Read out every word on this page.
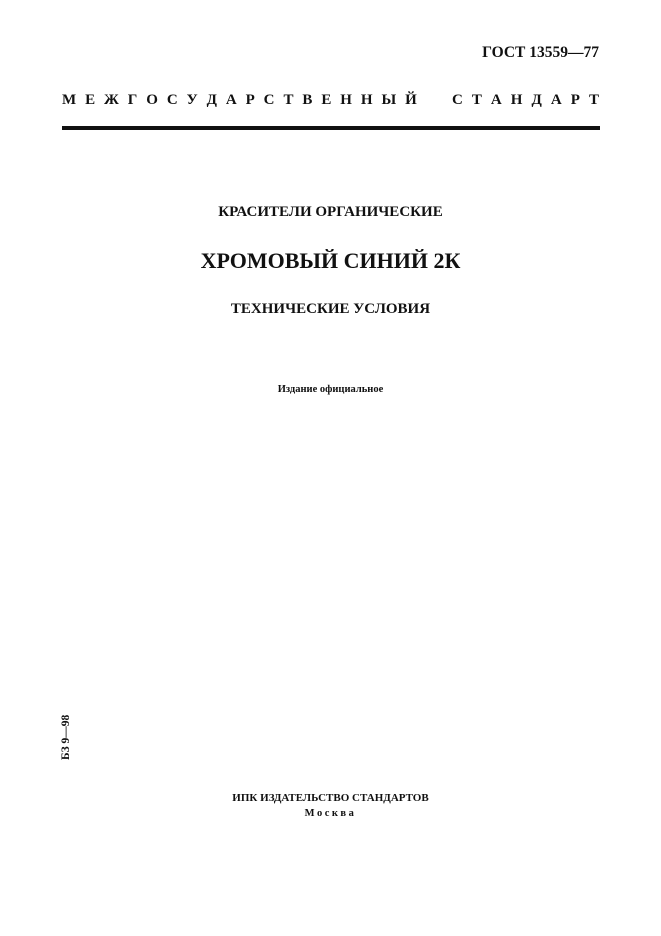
ГОСТ 13559—77
М Е Ж Г О С У Д А Р С Т В Е Н Н Ы Й С Т А Н Д А Р Т
КРАСИТЕЛИ ОРГАНИЧЕСКИЕ
ХРОМОВЫЙ СИНИЙ 2К
ТЕХНИЧЕСКИЕ УСЛОВИЯ
Издание официальное
БЗ 9—98
ИПК ИЗДАТЕЛЬСТВО СТАНДАРТОВ
Москва
